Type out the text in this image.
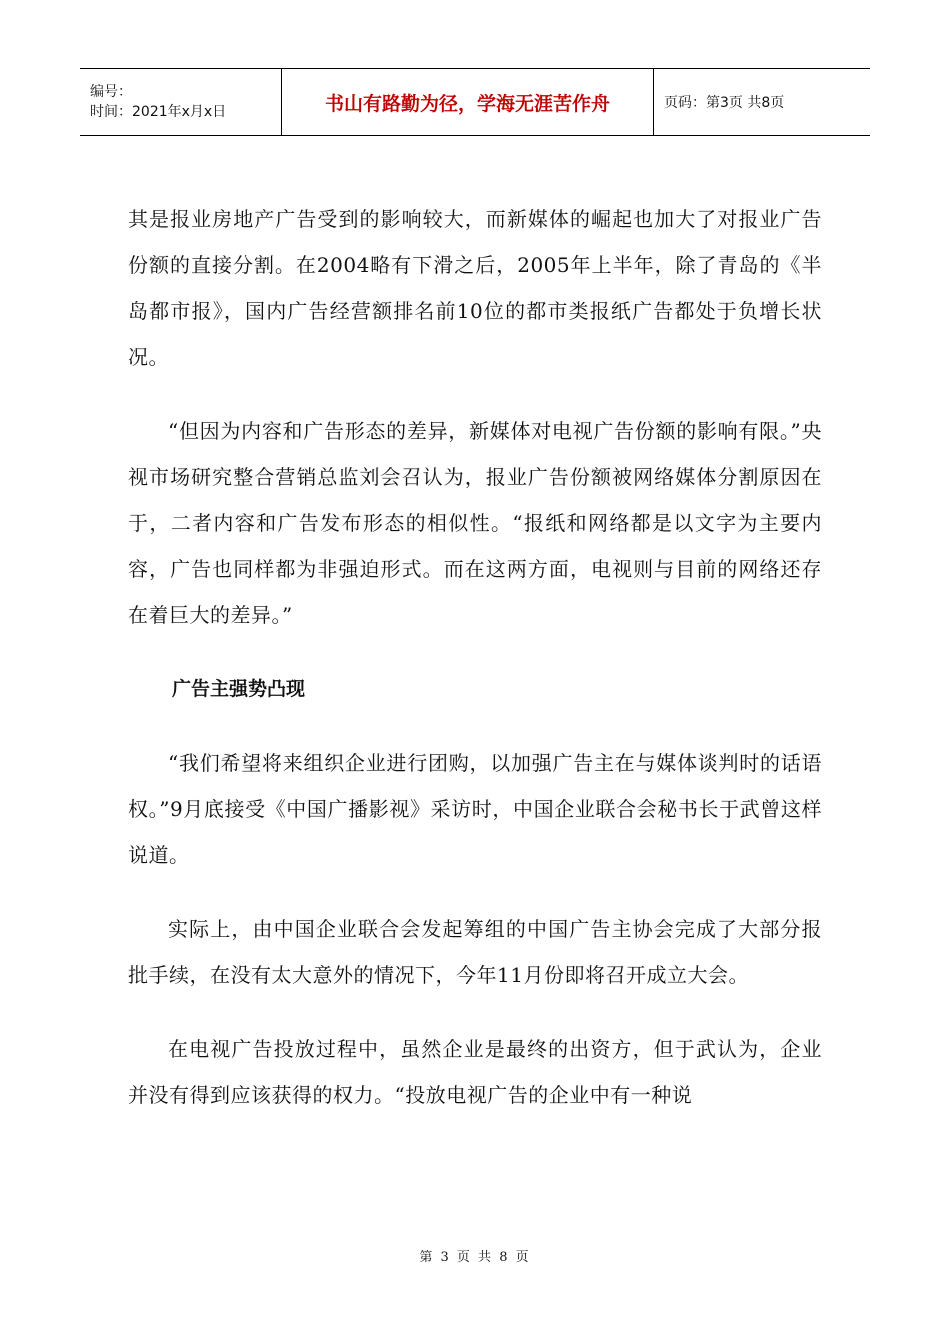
编号：
时间：2021年x月x日	书山有路勤为径，学海无涯苦作舟	页码：第3页 共8页

其是报业房地产广告受到的影响较大，而新媒体的崛起也加大了对报业广告份额的直接分割。在2004略有下滑之后，2005年上半年，除了青岛的《半岛都市报》，国内广告经营额排名前10位的都市类报纸广告都处于负增长状况。

“但因为内容和广告形态的差异，新媒体对电视广告份额的影响有限。”央视市场研究整合营销总监刘会召认为，报业广告份额被网络媒体分割原因在于，二者内容和广告发布形态的相似性。“报纸和网络都是以文字为主要内容，广告也同样都为非强迫形式。而在这两方面，电视则与目前的网络还存在着巨大的差异。”

广告主强势凸现

“我们希望将来组织企业进行团购，以加强广告主在与媒体谈判时的话语权。”9月底接受《中国广播影视》采访时，中国企业联合会秘书长于武曾这样说道。

实际上，由中国企业联合会发起筹组的中国广告主协会完成了大部分报批手续，在没有太大意外的情况下，今年11月份即将召开成立大会。

在电视广告投放过程中，虽然企业是最终的出资方，但于武认为，企业并没有得到应该获得的权力。“投放电视广告的企业中有一种说

第 3 页 共 8 页
